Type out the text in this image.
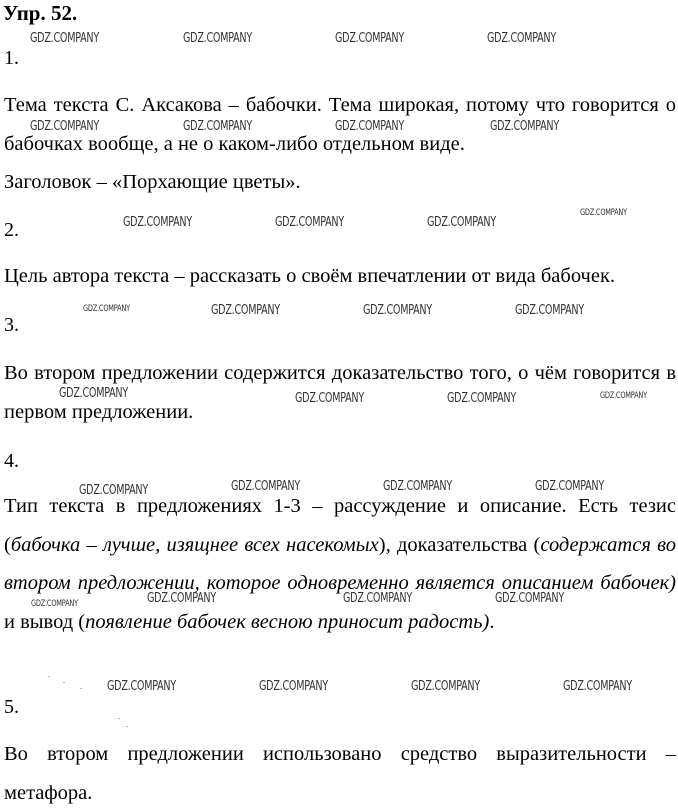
Упр. 52.
1.

Тема текста С. Аксакова – бабочки. Тема широкая, потому что говорится о бабочках вообще, а не о каком-либо отдельном виде.

Заголовок – «Порхающие цветы».

2.

Цель автора текста – рассказать о своём впечатлении от вида бабочек.

3.

Во втором предложении содержится доказательство того, о чём говорится в первом предложении.

4.

Тип текста в предложениях 1-3 – рассуждение и описание. Есть тезис (бабочка – лучше, изящнее всех насекомых), доказательства (содержатся во втором предложении, которое одновременно является описанием бабочек) и вывод (появление бабочек весною приносит радость).

5.

Во втором предложении использовано средство выразительности – метафора.

GDZ.COMPANY	GDZ.COMPANY	GDZ.COMPANY	GDZ.COMPANY
GDZ.COMPANY	GDZ.COMPANY	GDZ.COMPANY	GDZ.COMPANY
GDZ.COMPANY	GDZ.COMPANY	GDZ.COMPANY
GDZ.COMPANY
GDZ.COMPANY	GDZ.COMPANY	GDZ.COMPANY	GDZ.COMPANY
GDZ.COMPANY	GDZ.COMPANY	GDZ.COMPANY	GDZ.COMPANY
GDZ.COMPANY	GDZ.COMPANY	GDZ.COMPANY	GDZ.COMPANY
GDZ.COMPANY	GDZ.COMPANY	GDZ.COMPANY	GDZ.COMPANY
GDZ.COMPANY	GDZ.COMPANY	GDZ.COMPANY	GDZ.COMPANY
